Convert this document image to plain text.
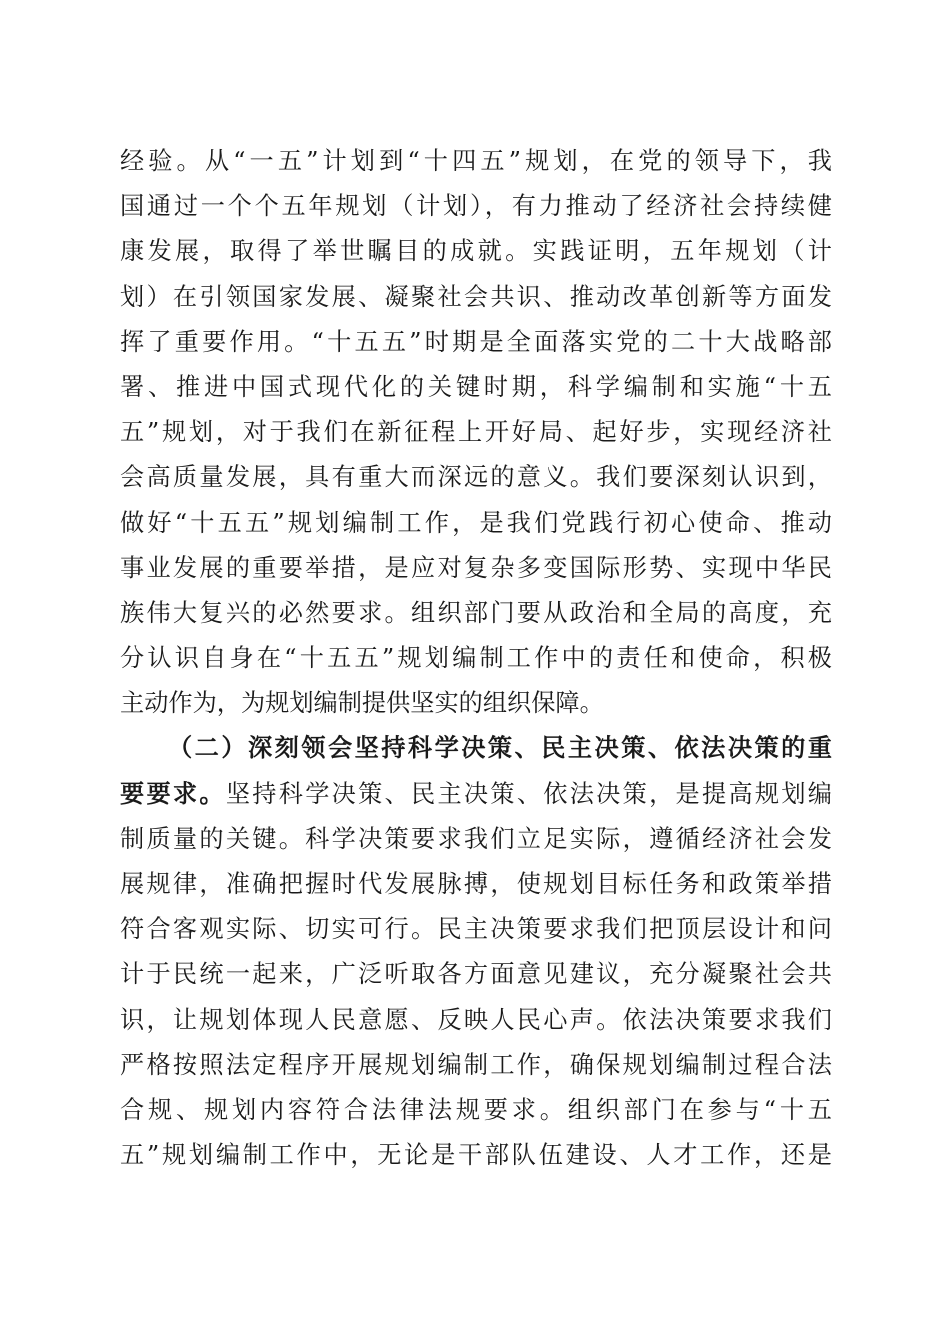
经验。从“一五”计划到“十四五”规划，在党的领导下，我
国通过一个个五年规划（计划），有力推动了经济社会持续健
康发展，取得了举世瞩目的成就。实践证明，五年规划（计
划）在引领国家发展、凝聚社会共识、推动改革创新等方面发
挥了重要作用。“十五五”时期是全面落实党的二十大战略部
署、推进中国式现代化的关键时期，科学编制和实施“十五
五”规划，对于我们在新征程上开好局、起好步，实现经济社
会高质量发展，具有重大而深远的意义。我们要深刻认识到，
做好“十五五”规划编制工作，是我们党践行初心使命、推动
事业发展的重要举措，是应对复杂多变国际形势、实现中华民
族伟大复兴的必然要求。组织部门要从政治和全局的高度，充
分认识自身在“十五五”规划编制工作中的责任和使命，积极
主动作为，为规划编制提供坚实的组织保障。
（二）深刻领会坚持科学决策、民主决策、依法决策的重
要要求。坚持科学决策、民主决策、依法决策，是提高规划编
制质量的关键。科学决策要求我们立足实际，遵循经济社会发
展规律，准确把握时代发展脉搏，使规划目标任务和政策举措
符合客观实际、切实可行。民主决策要求我们把顶层设计和问
计于民统一起来，广泛听取各方面意见建议，充分凝聚社会共
识，让规划体现人民意愿、反映人民心声。依法决策要求我们
严格按照法定程序开展规划编制工作，确保规划编制过程合法
合规、规划内容符合法律法规要求。组织部门在参与“十五
五”规划编制工作中，无论是干部队伍建设、人才工作，还是
